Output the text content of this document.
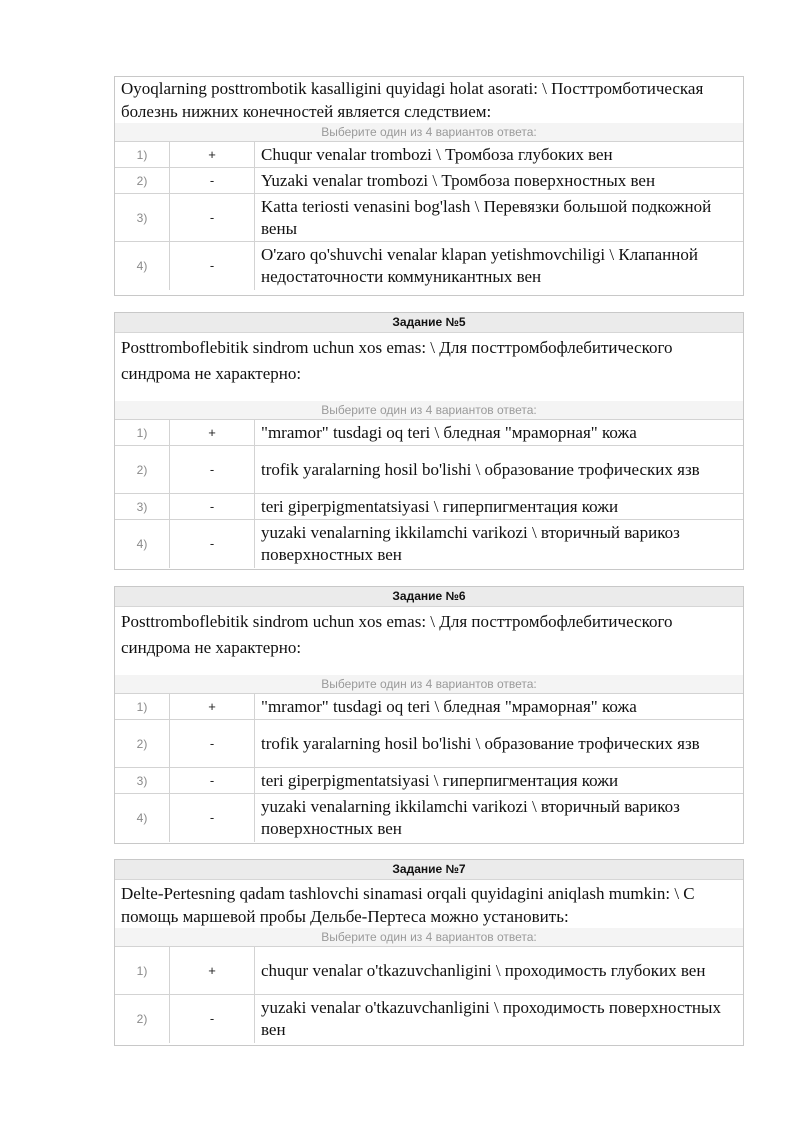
Oyoqlarning posttrombotik kasalligini quyidagi holat asorati: \ Посттромботическая болезнь нижних конечностей является следствием:
Выберите один из 4 вариантов ответа:
1)	+	Chuqur venalar trombozi \ Тромбоза глубоких вен
2)	-	Yuzaki venalar trombozi \ Тромбоза поверхностных вен
3)	-	Katta teriosti venasini bog'lash \ Перевязки большой подкожной вены
4)	-	O'zaro qo'shuvchi venalar klapan yetishmovchiligi \ Клапанной недостаточности коммуникантных вен
Задание №5
Posttromboflebitik sindrom uchun xos emas: \ Для посттромбофлебитического синдрома не характерно:
Выберите один из 4 вариантов ответа:
1)	+	"mramor" tusdagi oq teri \ бледная "мраморная" кожа
2)	-	trofik yaralarning hosil bo'lishi \ образование трофических язв
3)	-	teri giperpigmentatsiyasi \ гиперпигментация кожи
4)	-	yuzaki venalarning ikkilamchi varikozi \ вторичный варикоз поверхностных вен
Задание №6
Posttromboflebitik sindrom uchun xos emas: \ Для посттромбофлебитического синдрома не характерно:
Выберите один из 4 вариантов ответа:
1)	+	"mramor" tusdagi oq teri \ бледная "мраморная" кожа
2)	-	trofik yaralarning hosil bo'lishi \ образование трофических язв
3)	-	teri giperpigmentatsiyasi \ гиперпигментация кожи
4)	-	yuzaki venalarning ikkilamchi varikozi \ вторичный варикоз поверхностных вен
Задание №7
Delte-Pertesning qadam tashlovchi sinamasi orqali quyidagini aniqlash mumkin: \ С помощь маршевой пробы Дельбе-Пертеса можно установить:
Выберите один из 4 вариантов ответа:
1)	+	chuqur venalar o'tkazuvchanligini \ проходимость глубоких вен
2)	-	yuzaki venalar o'tkazuvchanligini \ проходимость поверхностных вен
